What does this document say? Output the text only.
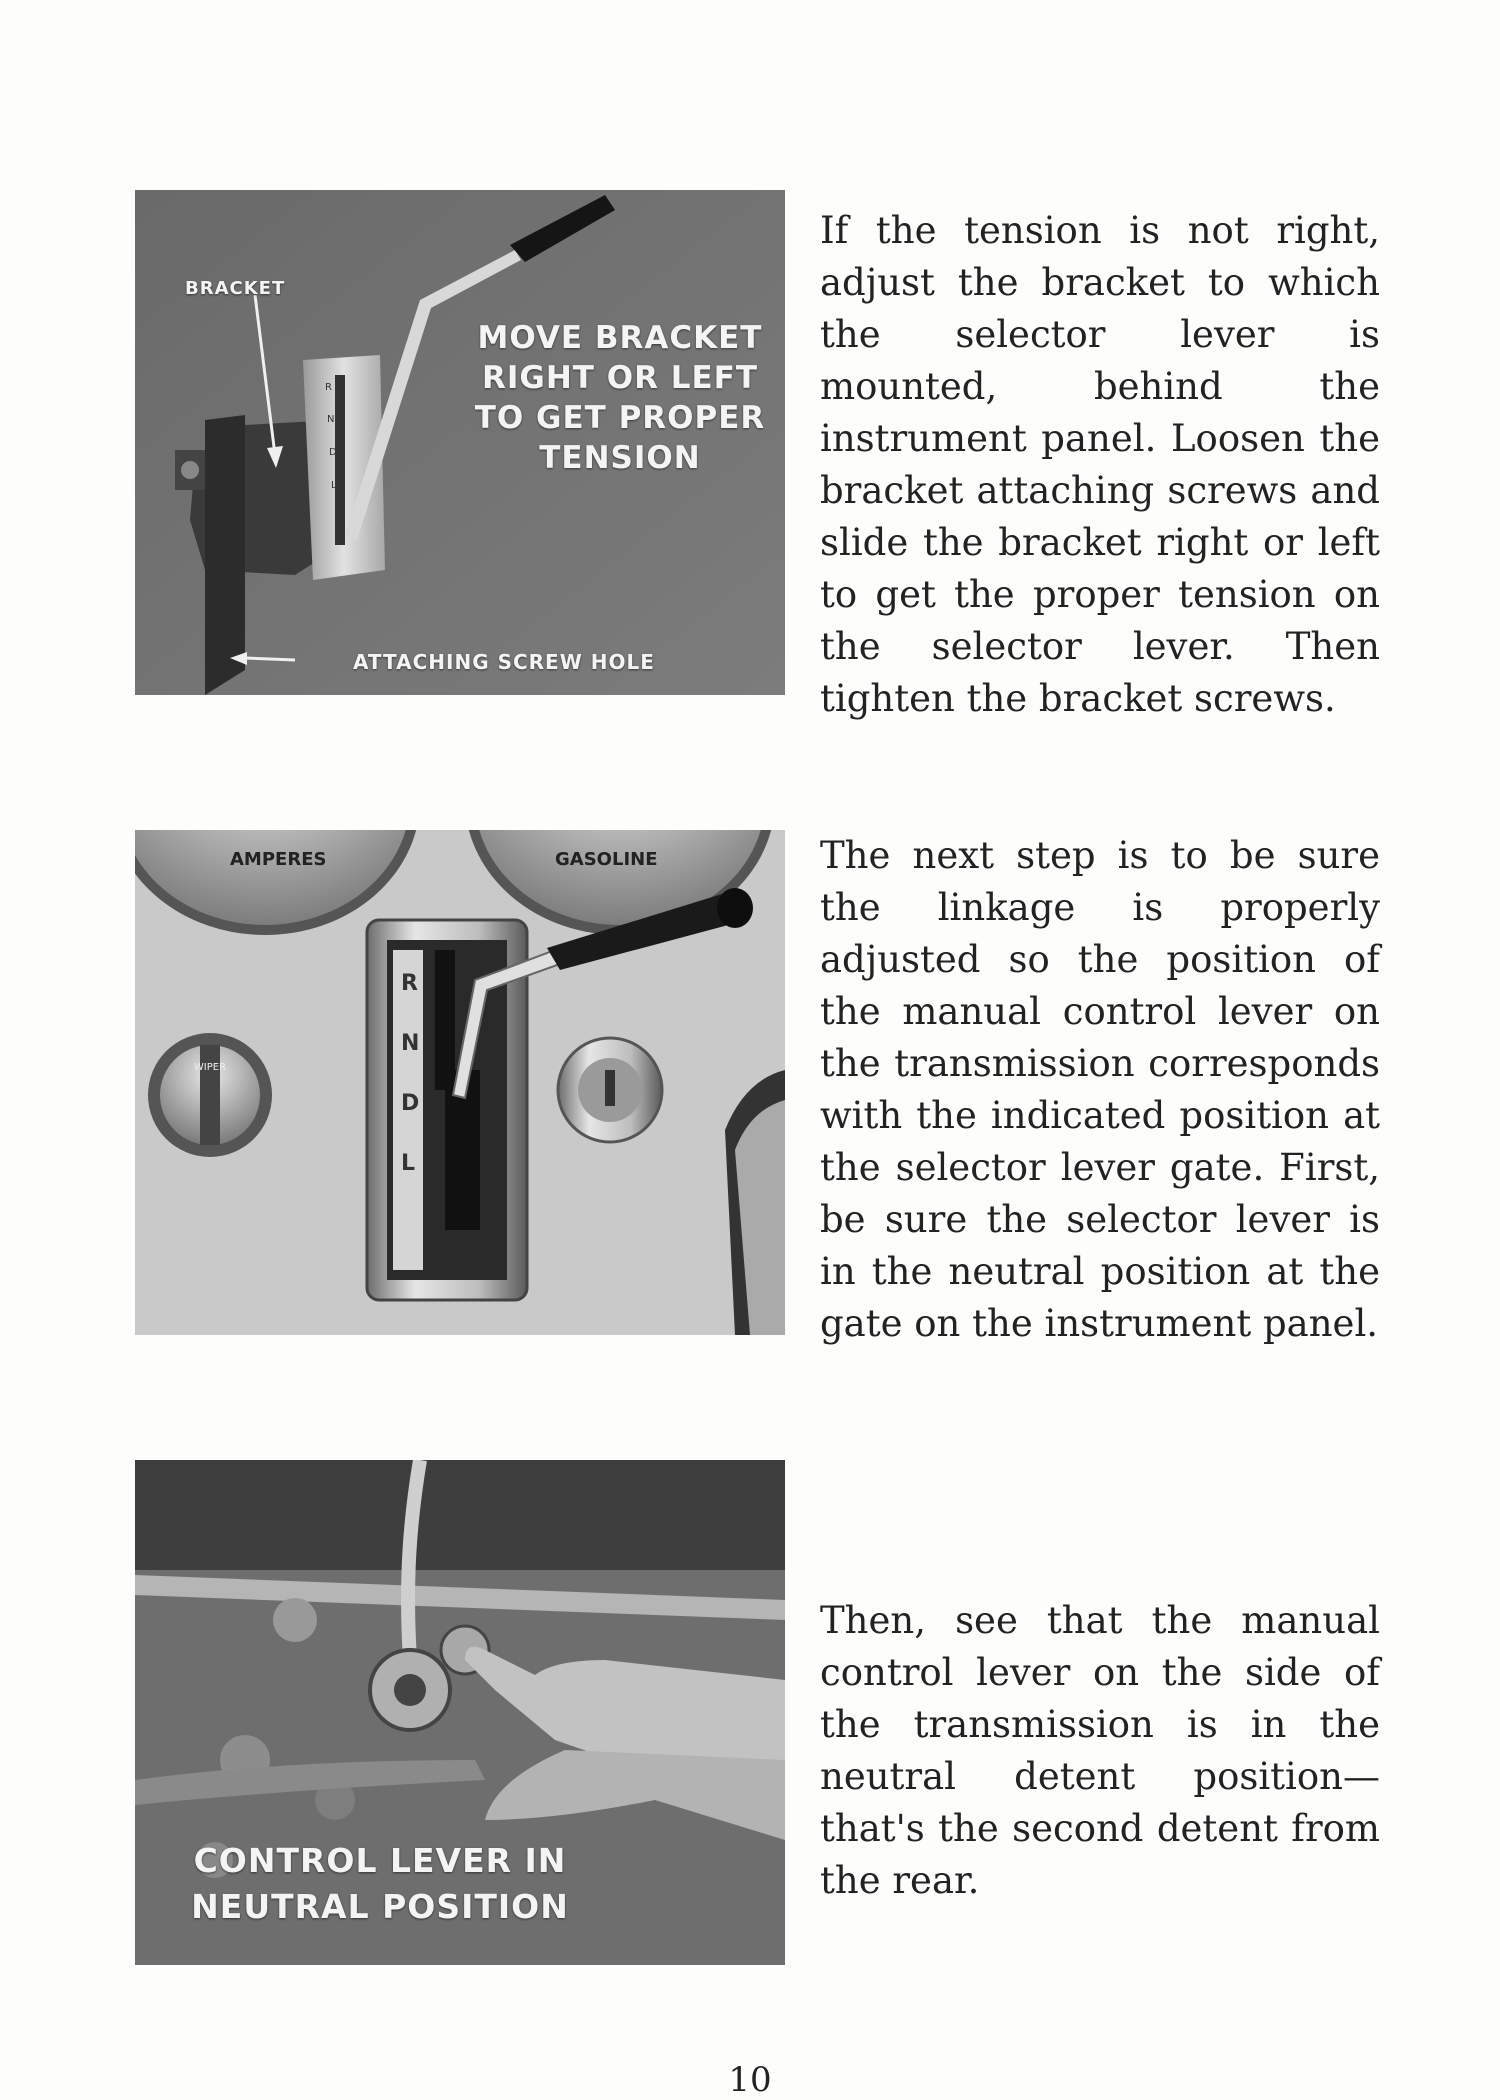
R
N
D
L
BRACKET
MOVE BRACKET RIGHT OR LEFT TO GET PROPER TENSION
ATTACHING SCREW HOLE

If the tension is not right, adjust the bracket to which the selector lever is mounted, behind the instrument panel. Loosen the bracket attaching screws and slide the bracket right or left to get the proper tension on the selector lever. Then tighten the bracket screws.

AMPERES	GASOLINE
WIPER
R
N
D
L

The next step is to be sure the linkage is properly adjusted so the position of the manual control lever on the transmission corresponds with the indicated position at the selector lever gate. First, be sure the selector lever is in the neutral position at the gate on the instrument panel.

CONTROL LEVER IN NEUTRAL POSITION

Then, see that the manual control lever on the side of the transmission is in the neutral detent position—that's the second detent from the rear.

10
